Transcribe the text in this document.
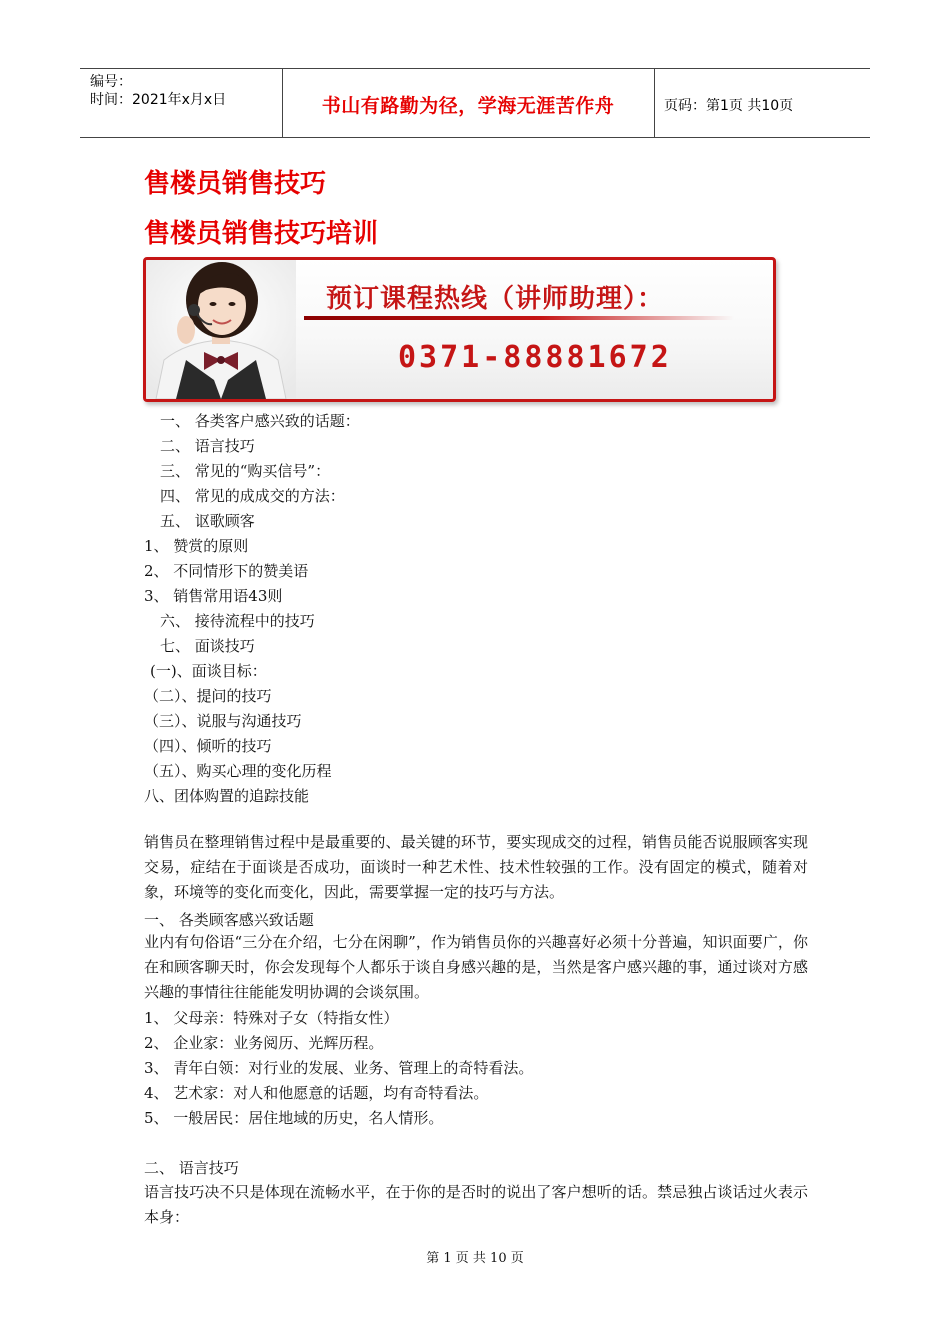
编号：
时间：2021年x月x日	书山有路勤为径，学海无涯苦作舟	页码：第1页 共10页
售楼员销售技巧
售楼员销售技巧培训
预订课程热线（讲师助理）：
0371-88881672
一、 各类客户感兴致的话题：
二、 语言技巧
三、 常见的“购买信号”：
四、 常见的成成交的方法：
五、 讴歌顾客
1、 赞赏的原则
2、 不同情形下的赞美语
3、 销售常用语43则
六、 接待流程中的技巧
七、 面谈技巧
(一)、面谈目标：
（二）、提问的技巧
（三）、说服与沟通技巧
（四）、倾听的技巧
（五）、购买心理的变化历程
八、团体购置的追踪技能
销售员在整理销售过程中是最重要的、最关键的环节，要实现成交的过程，销售员能否说服顾客实现交易，症结在于面谈是否成功，面谈时一种艺术性、技术性较强的工作。没有固定的模式，随着对象，环境等的变化而变化，因此，需要掌握一定的技巧与方法。
一、 各类顾客感兴致话题
业内有句俗语“三分在介绍，七分在闲聊”，作为销售员你的兴趣喜好必须十分普遍，知识面要广，你在和顾客聊天时，你会发现每个人都乐于谈自身感兴趣的是，当然是客户感兴趣的事，通过谈对方感兴趣的事情往往能能发明协调的会谈氛围。
1、 父母亲：特殊对子女（特指女性）
2、 企业家：业务阅历、光辉历程。
3、 青年白领：对行业的发展、业务、管理上的奇特看法。
4、 艺术家：对人和他愿意的话题，均有奇特看法。
5、 一般居民：居住地域的历史，名人情形。
二、 语言技巧
语言技巧决不只是体现在流畅水平，在于你的是否时的说出了客户想听的话。禁忌独占谈话过火表示本身：
第 1 页 共 10 页
